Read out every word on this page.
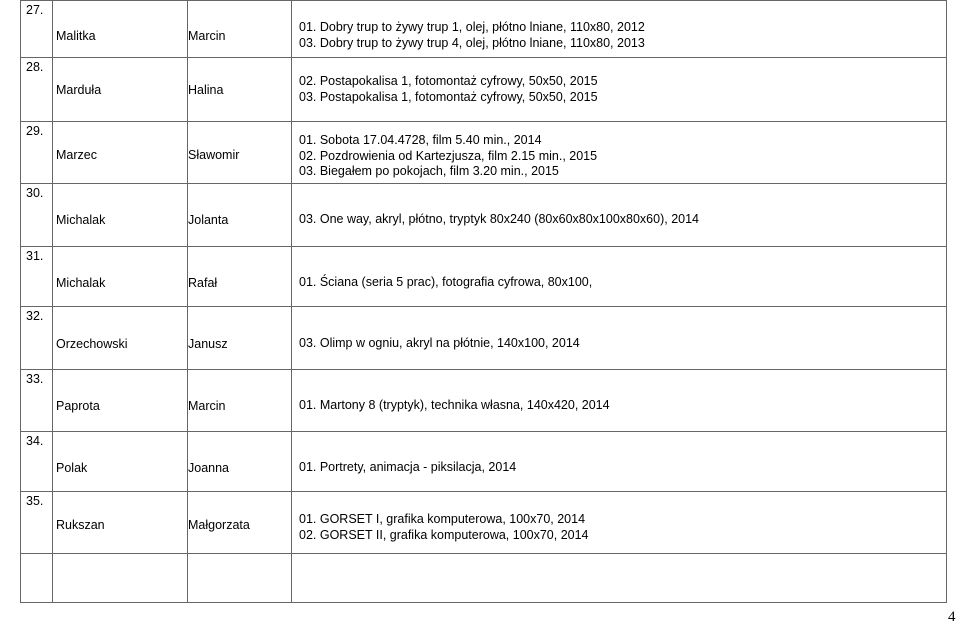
27.	Malitka	Marcin	01. Dobry trup to żywy trup 1, olej, płótno lniane, 110x80, 2012
03. Dobry trup to żywy trup 4, olej, płótno lniane, 110x80, 2013

28.	Marduła	Halina	02. Postapokalisa 1, fotomontaż cyfrowy, 50x50, 2015
03. Postapokalisa 1, fotomontaż cyfrowy, 50x50, 2015

29.	Marzec	Sławomir	01. Sobota 17.04.4728, film 5.40 min., 2014
02. Pozdrowienia od Kartezjusza, film 2.15 min., 2015
03. Biegałem po pokojach, film 3.20 min., 2015

30.	Michalak	Jolanta	03. One way, akryl, płótno, tryptyk 80x240 (80x60x80x100x80x60), 2014

31.	Michalak	Rafał	01. Ściana (seria 5 prac), fotografia cyfrowa, 80x100,

32.	Orzechowski	Janusz	03. Olimp w ogniu, akryl na płótnie, 140x100, 2014

33.	Paprota	Marcin	01. Martony 8 (tryptyk), technika własna, 140x420, 2014

34.	Polak	Joanna	01. Portrety, animacja - piksilacja, 2014

35.	Rukszan	Małgorzata	01. GORSET I, grafika komputerowa, 100x70, 2014
02. GORSET II, grafika komputerowa, 100x70, 2014

4
